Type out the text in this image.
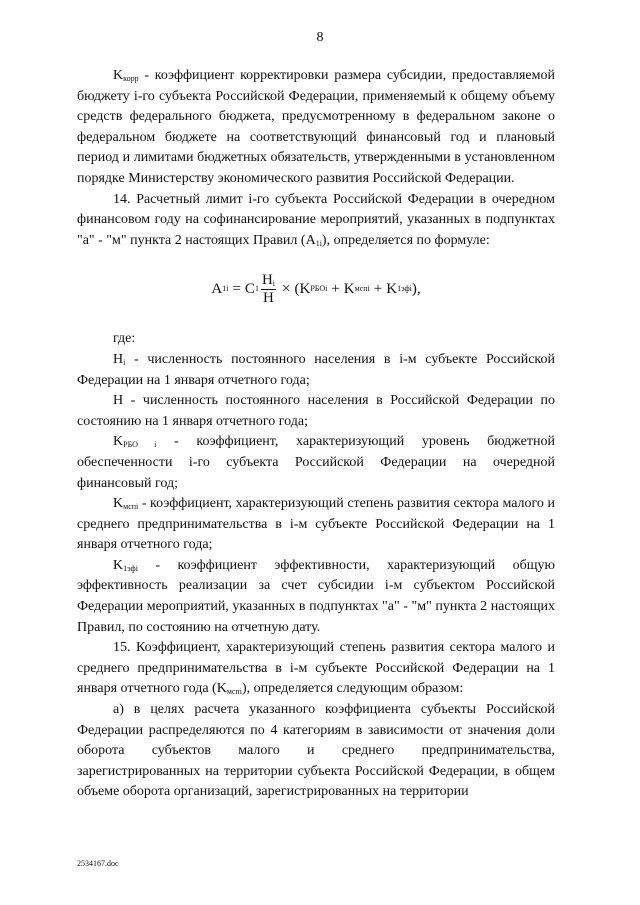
8

$K_{корр}$ - коэффициент корректировки размера субсидии, предоставляемой бюджету i-го субъекта Российской Федерации, применяемый к общему объему средств федерального бюджета, предусмотренному в федеральном законе о федеральном бюджете на соответствующий финансовый год и плановый период и лимитами бюджетных обязательств, утвержденными в установленном порядке Министерству экономического развития Российской Федерации.

14. Расчетный лимит i-го субъекта Российской Федерации в очередном финансовом году на софинансирование мероприятий, указанных в подпунктах "а" - "м" пункта 2 настоящих Правил $(A_{1i})$, определяется по формуле:

A 1i = C $1 \frac{H_i}{H}$ × ( K РБОi + K мспi + K 1эфi ) ,

где:

$H_i$ - численность постоянного населения в i-м субъекте Российской Федерации на 1 января отчетного года;

H - численность постоянного населения в Российской Федерации по состоянию на 1 января отчетного года;

$K_{РБО i}$ - коэффициент, характеризующий уровень бюджетной обеспеченности i-го субъекта Российской Федерации на очередной финансовый год;

$K_{мспi}$ - коэффициент, характеризующий степень развития сектора малого и среднего предпринимательства в i-м субъекте Российской Федерации на 1 января отчетного года;

$K_{1эфi}$ - коэффициент эффективности, характеризующий общую эффективность реализации за счет субсидии i-м субъектом Российской Федерации мероприятий, указанных в подпунктах "а" - "м" пункта 2 настоящих Правил, по состоянию на отчетную дату.

15. Коэффициент, характеризующий степень развития сектора малого и среднего предпринимательства в i-м субъекте Российской Федерации на 1 января отчетного года $(K_{мспi})$, определяется следующим образом:

а) в целях расчета указанного коэффициента субъекты Российской Федерации распределяются по 4 категориям в зависимости от значения доли оборота субъектов малого и среднего предпринимательства, зарегистрированных на территории субъекта Российской Федерации, в общем объеме оборота организаций, зарегистрированных на территории

2534167.doc
